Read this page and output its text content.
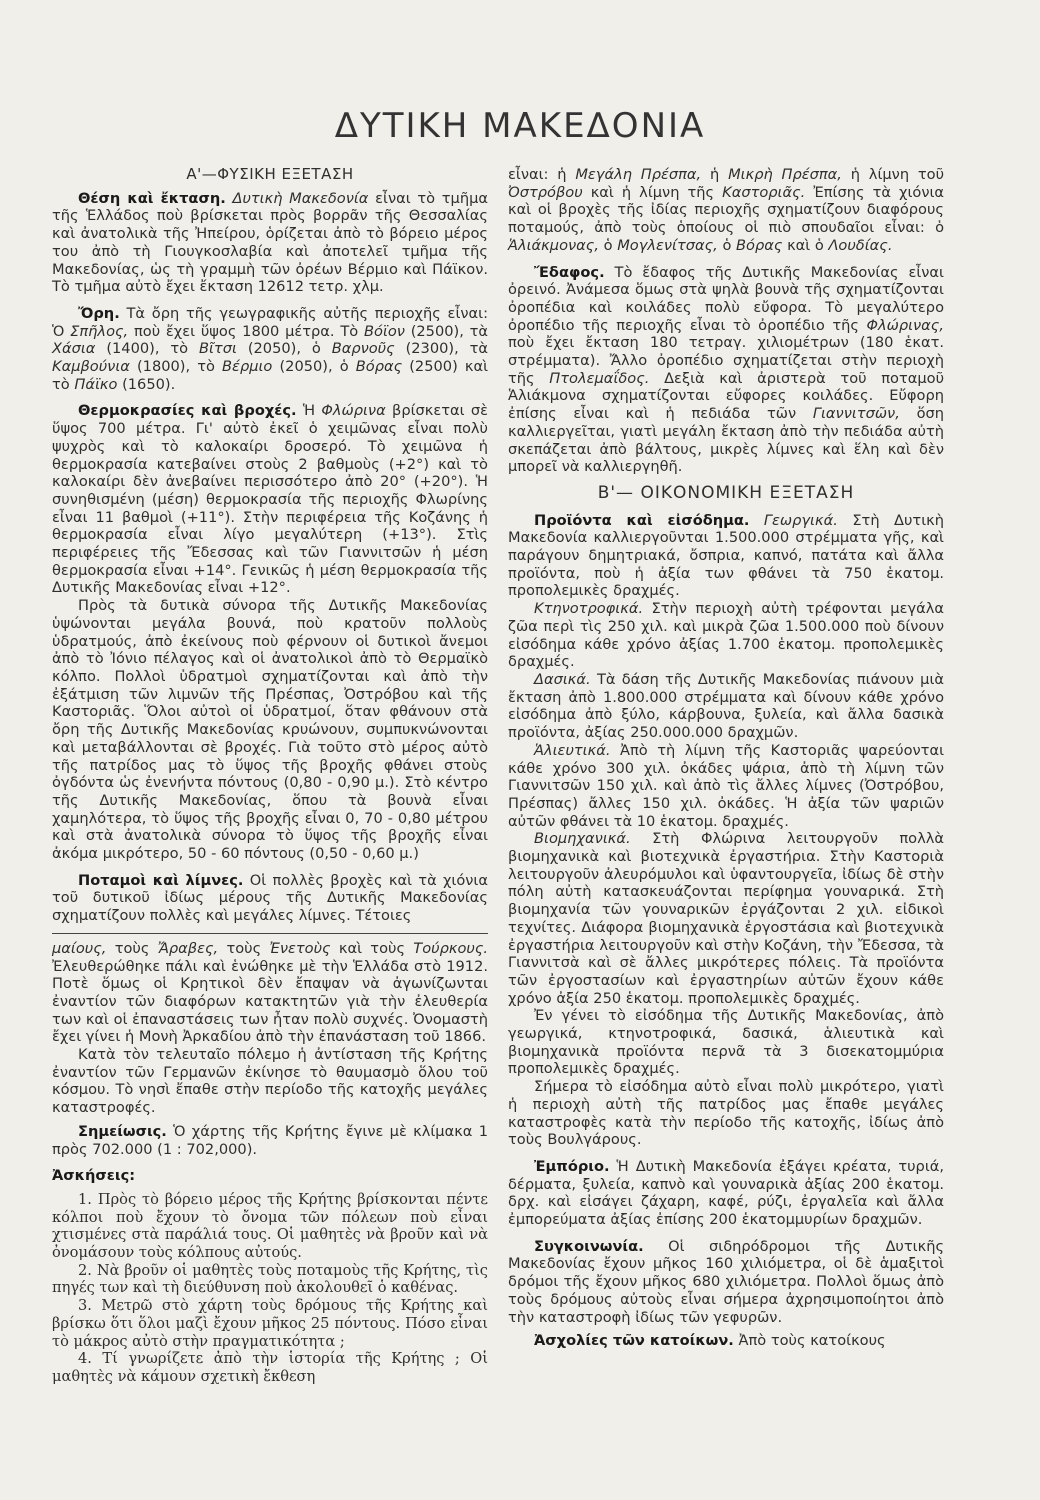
ΔΥΤΙΚΗ ΜΑΚΕΔΟΝΙΑ

Α'—ΦΥΣΙΚΗ ΕΞΕΤΑΣΗ

Θέση καὶ ἔκταση. Δυτικὴ Μακεδονία εἶναι τὸ τμῆμα τῆς Ἑλλάδος ποὺ βρίσκεται πρὸς βορρᾶν τῆς Θεσσαλίας καὶ ἀνατολικὰ τῆς Ἠπείρου, ὁρίζεται ἀπὸ τὸ βόρειο μέρος του ἀπὸ τὴ Γιουγκοσλαβία καὶ ἀποτελεῖ τμῆμα τῆς Μακεδονίας, ὡς τὴ γραμμὴ τῶν ὀρέων Βέρμιο καὶ Πάϊκον. Τὸ τμῆμα αὐτὸ ἔχει ἔκταση 12612 τετρ. χλμ.

Ὄρη. Τὰ ὄρη τῆς γεωγραφικῆς αὐτῆς περιοχῆς εἶναι: Ὁ Σπῆλος, ποὺ ἔχει ὕψος 1800 μέτρα. Τὸ Βόϊον (2500), τὰ Χάσια (1400), τὸ Βῖτσι (2050), ὁ Βαρνοῦς (2300), τὰ Καμβούνια (1800), τὸ Βέρμιο (2050), ὁ Βόρας (2500) καὶ τὸ Πάϊκο (1650).

Θερμοκρασίες καὶ βροχές. Ἡ Φλώρινα βρίσκεται σὲ ὕψος 700 μέτρα. Γι' αὐτὸ ἐκεῖ ὁ χειμῶνας εἶναι πολὺ ψυχρὸς καὶ τὸ καλοκαίρι δροσερό. Τὸ χειμῶνα ἡ θερμοκρασία κατεβαίνει στοὺς 2 βαθμοὺς (+2°) καὶ τὸ καλοκαίρι δὲν ἀνεβαίνει περισσότερο ἀπὸ 20° (+20°). Ἡ συνηθισμένη (μέση) θερμοκρασία τῆς περιοχῆς Φλωρίνης εἶναι 11 βαθμοὶ (+11°). Στὴν περιφέρεια τῆς Κοζάνης ἡ θερμοκρασία εἶναι λίγο μεγαλύτερη (+13°). Στὶς περιφέρειες τῆς Ἔδεσσας καὶ τῶν Γιαννιτσῶν ἡ μέση θερμοκρασία εἶναι +14°. Γενικῶς ἡ μέση θερμοκρασία τῆς Δυτικῆς Μακεδονίας εἶναι +12°.

Πρὸς τὰ δυτικὰ σύνορα τῆς Δυτικῆς Μακεδονίας ὑψώνονται μεγάλα βουνά, ποὺ κρατοῦν πολλοὺς ὑδρατμούς, ἀπὸ ἐκείνους ποὺ φέρνουν οἱ δυτικοὶ ἄνεμοι ἀπὸ τὸ Ἰόνιο πέλαγος καὶ οἱ ἀνατολικοὶ ἀπὸ τὸ Θερμαϊκὸ κόλπο. Πολλοὶ ὑδρατμοὶ σχηματίζονται καὶ ἀπὸ τὴν ἐξάτμιση τῶν λιμνῶν τῆς Πρέσπας, Ὀστρόβου καὶ τῆς Καστοριᾶς. Ὅλοι αὐτοὶ οἱ ὑδρατμοί, ὅταν φθάνουν στὰ ὄρη τῆς Δυτικῆς Μακεδονίας κρυώνουν, συμπυκνώνονται καὶ μεταβάλλονται σὲ βροχές. Γιὰ τοῦτο στὸ μέρος αὐτὸ τῆς πατρίδος μας τὸ ὕψος τῆς βροχῆς φθάνει στοὺς ὀγδόντα ὡς ἐνενήντα πόντους (0,80 - 0,90 μ.). Στὸ κέντρο τῆς Δυτικῆς Μακεδονίας, ὅπου τὰ βουνὰ εἶναι χαμηλότερα, τὸ ὕψος τῆς βροχῆς εἶναι 0, 70 - 0,80 μέτρου καὶ στὰ ἀνατολικὰ σύνορα τὸ ὕψος τῆς βροχῆς εἶναι ἀκόμα μικρότερο, 50 - 60 πόντους (0,50 - 0,60 μ.)

Ποταμοὶ καὶ λίμνες. Οἱ πολλὲς βροχὲς καὶ τὰ χιόνια τοῦ δυτικοῦ ἰδίως μέρους τῆς Δυτικῆς Μακεδονίας σχηματίζουν πολλὲς καὶ μεγάλες λίμνες. Τέτοιες

μαίους, τοὺς Ἄραβες, τοὺς Ἐνετοὺς καὶ τοὺς Τούρκους. Ἐλευθερώθηκε πάλι καὶ ἑνώθηκε μὲ τὴν Ἑλλάδα στὸ 1912. Ποτὲ ὅμως οἱ Κρητικοὶ δὲν ἔπαψαν νὰ ἀγωνίζωνται ἐναντίον τῶν διαφόρων κατακτητῶν γιὰ τὴν ἐλευθερία των καὶ οἱ ἐπαναστάσεις των ἦταν πολὺ συχνές. Ὀνομαστὴ ἔχει γίνει ἡ Μονὴ Ἀρκαδίου ἀπὸ τὴν ἐπανάσταση τοῦ 1866.

Κατὰ τὸν τελευταῖο πόλεμο ἡ ἀντίσταση τῆς Κρήτης ἐναντίον τῶν Γερμανῶν ἐκίνησε τὸ θαυμασμὸ ὅλου τοῦ κόσμου. Τὸ νησὶ ἔπαθε στὴν περίοδο τῆς κατοχῆς μεγάλες καταστροφές.

Σημείωσις. Ὁ χάρτης τῆς Κρήτης ἔγινε μὲ κλίμακα 1 πρὸς 702.000 (1 : 702,000).

Ἀσκήσεις:

1. Πρὸς τὸ βόρειο μέρος τῆς Κρήτης βρίσκονται πέντε κόλποι ποὺ ἔχουν τὸ ὄνομα τῶν πόλεων ποὺ εἶναι χτισμένες στὰ παράλιά τους. Οἱ μαθητὲς νὰ βροῦν καὶ νὰ ὀνομάσουν τοὺς κόλπους αὐτούς.

2. Νὰ βροῦν οἱ μαθητὲς τοὺς ποταμοὺς τῆς Κρήτης, τὶς πηγές των καὶ τὴ διεύθυνση ποὺ ἀκολουθεῖ ὁ καθένας.

3. Μετρῶ στὸ χάρτη τοὺς δρόμους τῆς Κρήτης καὶ βρίσκω ὅτι ὅλοι μαζὶ ἔχουν μῆκος 25 πόντους. Πόσο εἶναι τὸ μάκρος αὐτὸ στὴν πραγματικότητα ;

4. Τί γνωρίζετε ἀπὸ τὴν ἱστορία τῆς Κρήτης ; Οἱ μαθητὲς νὰ κάμουν σχετικὴ ἔκθεση

εἶναι: ἡ Μεγάλη Πρέσπα, ἡ Μικρὴ Πρέσπα, ἡ λίμνη τοῦ Ὀστρόβου καὶ ἡ λίμνη τῆς Καστοριᾶς. Ἐπίσης τὰ χιόνια καὶ οἱ βροχὲς τῆς ἰδίας περιοχῆς σχηματίζουν διαφόρους ποταμούς, ἀπὸ τοὺς ὁποίους οἱ πιὸ σπουδαῖοι εἶναι: ὁ Ἁλιάκμονας, ὁ Μογλενίτσας, ὁ Βόρας καὶ ὁ Λουδίας.

Ἔδαφος. Τὸ ἔδαφος τῆς Δυτικῆς Μακεδονίας εἶναι ὀρεινό. Ἀνάμεσα ὅμως στὰ ψηλὰ βουνὰ τῆς σχηματίζονται ὀροπέδια καὶ κοιλάδες πολὺ εὔφορα. Τὸ μεγαλύτερο ὀροπέδιο τῆς περιοχῆς εἶναι τὸ ὀροπέδιο τῆς Φλώρινας, ποὺ ἔχει ἔκταση 180 τετραγ. χιλιομέτρων (180 ἑκατ. στρέμματα). Ἄλλο ὀροπέδιο σχηματίζεται στὴν περιοχὴ τῆς Πτολεμαΐδος. Δεξιὰ καὶ ἀριστερὰ τοῦ ποταμοῦ Ἁλιάκμονα σχηματίζονται εὔφορες κοιλάδες. Εὔφορη ἐπίσης εἶναι καὶ ἡ πεδιάδα τῶν Γιαννιτσῶν, ὅση καλλιεργεῖται, γιατὶ μεγάλη ἔκταση ἀπὸ τὴν πεδιάδα αὐτὴ σκεπάζεται ἀπὸ βάλτους, μικρὲς λίμνες καὶ ἕλη καὶ δὲν μπορεῖ νὰ καλλιεργηθῆ.

Β'— ΟΙΚΟΝΟΜΙΚΗ ΕΞΕΤΑΣΗ

Προϊόντα καὶ εἰσόδημα. Γεωργικά. Στὴ Δυτικὴ Μακεδονία καλλιεργοῦνται 1.500.000 στρέμματα γῆς, καὶ παράγουν δημητριακά, ὄσπρια, καπνό, πατάτα καὶ ἄλλα προϊόντα, ποὺ ἡ ἀξία των φθάνει τὰ 750 ἑκατομ. προπολεμικὲς δραχμές.

Κτηνοτροφικά. Στὴν περιοχὴ αὐτὴ τρέφονται μεγάλα ζῶα περὶ τὶς 250 χιλ. καὶ μικρὰ ζῶα 1.500.000 ποὺ δίνουν εἰσόδημα κάθε χρόνο ἀξίας 1.700 ἑκατομ. προπολεμικὲς δραχμές.

Δασικά. Τὰ δάση τῆς Δυτικῆς Μακεδονίας πιάνουν μιὰ ἔκταση ἀπὸ 1.800.000 στρέμματα καὶ δίνουν κάθε χρόνο εἰσόδημα ἀπὸ ξύλο, κάρβουνα, ξυλεία, καὶ ἄλλα δασικὰ προϊόντα, ἀξίας 250.000.000 δραχμῶν.

Ἁλιευτικά. Ἀπὸ τὴ λίμνη τῆς Καστοριᾶς ψαρεύονται κάθε χρόνο 300 χιλ. ὀκάδες ψάρια, ἀπὸ τὴ λίμνη τῶν Γιαννιτσῶν 150 χιλ. καὶ ἀπὸ τὶς ἄλλες λίμνες (Ὀστρόβου, Πρέσπας) ἄλλες 150 χιλ. ὀκάδες. Ἡ ἀξία τῶν ψαριῶν αὐτῶν φθάνει τὰ 10 ἑκατομ. δραχμές.

Βιομηχανικά. Στὴ Φλώρινα λειτουργοῦν πολλὰ βιομηχανικὰ καὶ βιοτεχνικὰ ἐργαστήρια. Στὴν Καστοριὰ λειτουργοῦν ἀλευρόμυλοι καὶ ὑφαντουργεῖα, ἰδίως δὲ στὴν πόλη αὐτὴ κατασκευάζονται περίφημα γουναρικά. Στὴ βιομηχανία τῶν γουναρικῶν ἐργάζονται 2 χιλ. εἰδικοὶ τεχνίτες. Διάφορα βιομηχανικὰ ἐργοστάσια καὶ βιοτεχνικὰ ἐργαστήρια λειτουργοῦν καὶ στὴν Κοζάνη, τὴν Ἔδεσσα, τὰ Γιαννιτσὰ καὶ σὲ ἄλλες μικρότερες πόλεις. Τὰ προϊόντα τῶν ἐργοστασίων καὶ ἐργαστηρίων αὐτῶν ἔχουν κάθε χρόνο ἀξία 250 ἑκατομ. προπολεμικὲς δραχμές.

Ἐν γένει τὸ εἰσόδημα τῆς Δυτικῆς Μακεδονίας, ἀπὸ γεωργικά, κτηνοτροφικά, δασικά, ἁλιευτικὰ καὶ βιομηχανικὰ προϊόντα περνᾶ τὰ 3 δισεκατομμύρια προπολεμικὲς δραχμές.

Σήμερα τὸ εἰσόδημα αὐτὸ εἶναι πολὺ μικρότερο, γιατὶ ἡ περιοχὴ αὐτὴ τῆς πατρίδος μας ἔπαθε μεγάλες καταστροφὲς κατὰ τὴν περίοδο τῆς κατοχῆς, ἰδίως ἀπὸ τοὺς Βουλγάρους.

Ἐμπόριο. Ἡ Δυτικὴ Μακεδονία ἐξάγει κρέατα, τυριά, δέρματα, ξυλεία, καπνὸ καὶ γουναρικὰ ἀξίας 200 ἑκατομ. δρχ. καὶ εἰσάγει ζάχαρη, καφέ, ρύζι, ἐργαλεῖα καὶ ἄλλα ἐμπορεύματα ἀξίας ἐπίσης 200 ἑκατομμυρίων δραχμῶν.

Συγκοινωνία. Οἱ σιδηρόδρομοι τῆς Δυτικῆς Μακεδονίας ἔχουν μῆκος 160 χιλιόμετρα, οἱ δὲ ἁμαξιτοὶ δρόμοι τῆς ἔχουν μῆκος 680 χιλιόμετρα. Πολλοὶ ὅμως ἀπὸ τοὺς δρόμους αὐτοὺς εἶναι σήμερα ἀχρησιμοποίητοι ἀπὸ τὴν καταστροφὴ ἰδίως τῶν γεφυρῶν.

Ἀσχολίες τῶν κατοίκων. Ἀπὸ τοὺς κατοίκους
